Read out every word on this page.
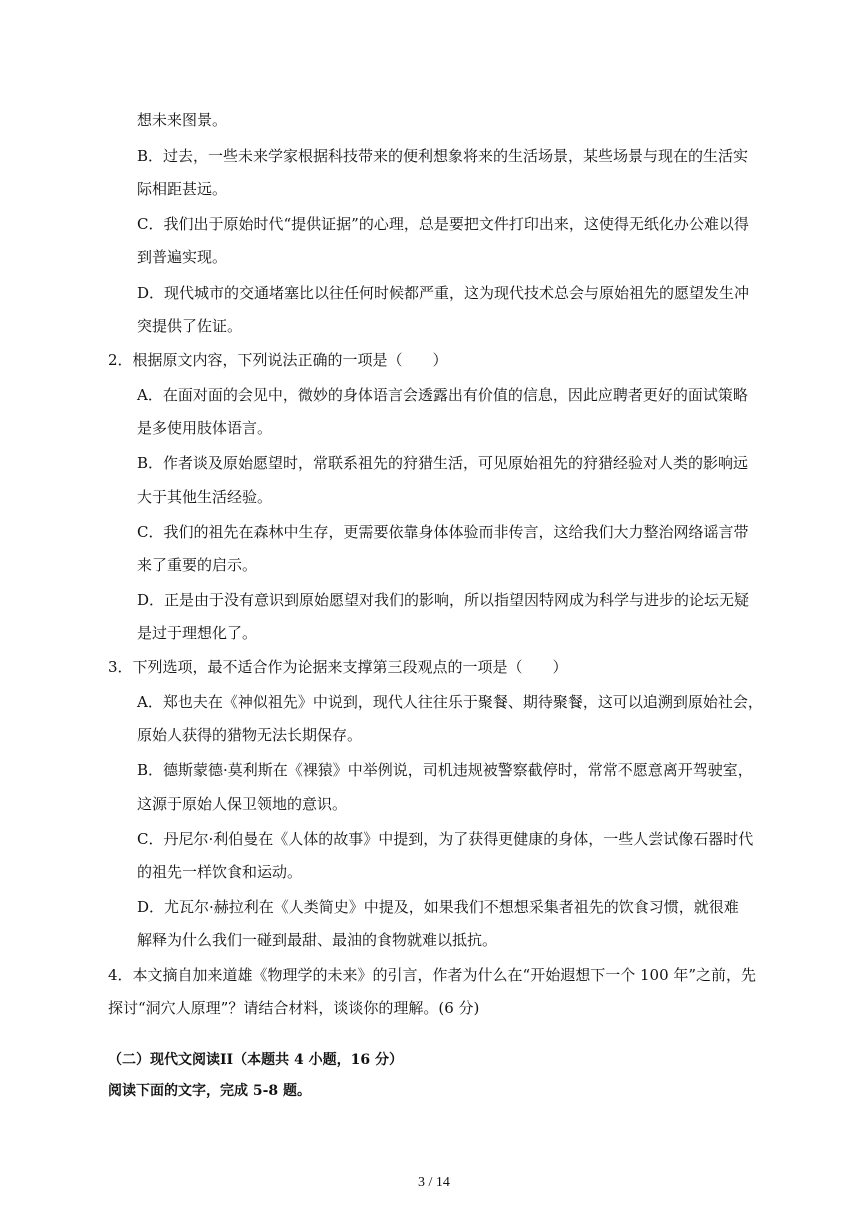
想未来图景。
B．过去，一些未来学家根据科技带来的便利想象将来的生活场景，某些场景与现在的生活实
际相距甚远。
C．我们出于原始时代“提供证据”的心理，总是要把文件打印出来，这使得无纸化办公难以得
到普遍实现。
D．现代城市的交通堵塞比以往任何时候都严重，这为现代技术总会与原始祖先的愿望发生冲
突提供了佐证。
2．根据原文内容，下列说法正确的一项是（　　）
A．在面对面的会见中，微妙的身体语言会透露出有价值的信息，因此应聘者更好的面试策略
是多使用肢体语言。
B．作者谈及原始愿望时，常联系祖先的狩猎生活，可见原始祖先的狩猎经验对人类的影响远
大于其他生活经验。
C．我们的祖先在森林中生存，更需要依靠身体体验而非传言，这给我们大力整治网络谣言带
来了重要的启示。
D．正是由于没有意识到原始愿望对我们的影响，所以指望因特网成为科学与进步的论坛无疑
是过于理想化了。
3．下列选项，最不适合作为论据来支撑第三段观点的一项是（　　）
A．郑也夫在《神似祖先》中说到，现代人往往乐于聚餐、期待聚餐，这可以追溯到原始社会，
原始人获得的猎物无法长期保存。
B．德斯蒙德·莫利斯在《裸猿》中举例说，司机违规被警察截停时，常常不愿意离开驾驶室，
这源于原始人保卫领地的意识。
C．丹尼尔·利伯曼在《人体的故事》中提到，为了获得更健康的身体，一些人尝试像石器时代
的祖先一样饮食和运动。
D．尤瓦尔·赫拉利在《人类简史》中提及，如果我们不想想采集者祖先的饮食习惯，就很难
解释为什么我们一碰到最甜、最油的食物就难以抵抗。
4．本文摘自加来道雄《物理学的未来》的引言，作者为什么在“开始遐想下一个 100 年”之前，先
探讨“洞穴人原理”？请结合材料，谈谈你的理解。(6 分)
（二）现代文阅读II（本题共 4 小题，16 分）
阅读下面的文字，完成 5-8 题。
3 / 14
